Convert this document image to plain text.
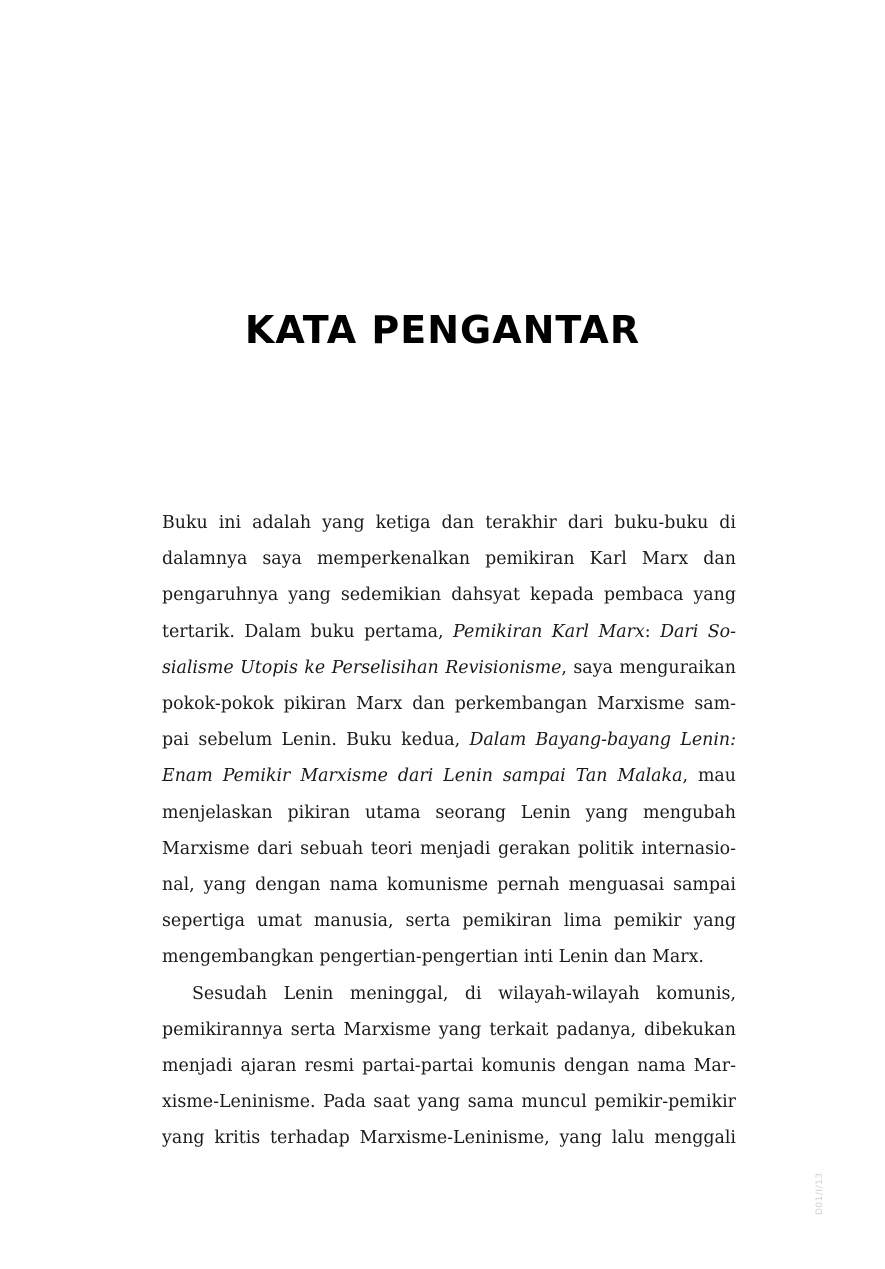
KATA PENGANTAR
Buku ini adalah yang ketiga dan terakhir dari buku-buku di
dalamnya saya memperkenalkan pemikiran Karl Marx dan
pengaruhnya yang sedemikian dahsyat kepada pembaca yang
tertarik. Dalam buku pertama, Pemikiran Karl Marx: Dari So-
sialisme Utopis ke Perselisihan Revisionisme, saya menguraikan
pokok-pokok pikiran Marx dan perkembangan Marxisme sam-
pai sebelum Lenin. Buku kedua, Dalam Bayang-bayang Lenin:
Enam Pemikir Marxisme dari Lenin sampai Tan Malaka, mau
menjelaskan pikiran utama seorang Lenin yang mengubah
Marxisme dari sebuah teori menjadi gerakan politik internasio-
nal, yang dengan nama komunisme pernah menguasai sampai
sepertiga umat manusia, serta pemikiran lima pemikir yang
mengembangkan pengertian-pengertian inti Lenin dan Marx.
Sesudah Lenin meninggal, di wilayah-wilayah komunis,
pemikirannya serta Marxisme yang terkait padanya, dibekukan
menjadi ajaran resmi partai-partai komunis dengan nama Mar-
xisme-Leninisme. Pada saat yang sama muncul pemikir-pemikir
yang kritis terhadap Marxisme-Leninisme, yang lalu menggali
D01/I/13
